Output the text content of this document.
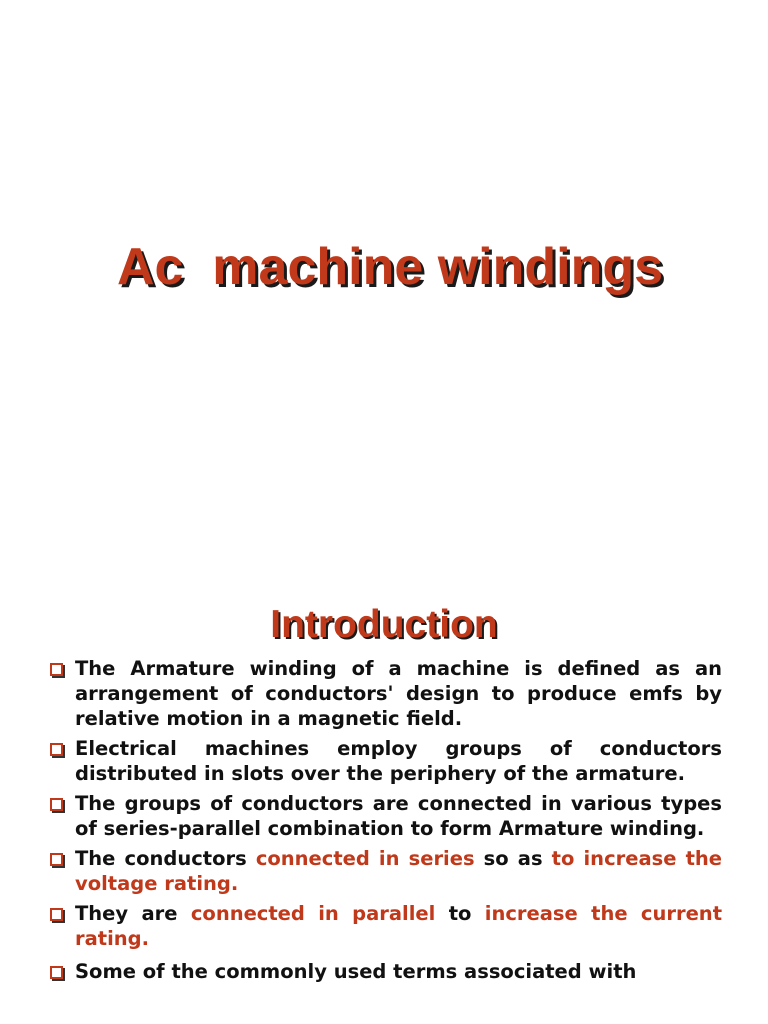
Ac  machine windings
Introduction
The Armature winding of a machine is defined as an arrangement of conductors' design to produce emfs by relative motion in a magnetic field.
Electrical machines employ groups of conductors distributed in slots over the periphery of the armature.
The groups of conductors are connected in various types of series-parallel combination to form Armature winding.
The conductors connected in series so as to increase the voltage rating.
They are connected in parallel to increase the current rating.
Some of the commonly used terms associated with
